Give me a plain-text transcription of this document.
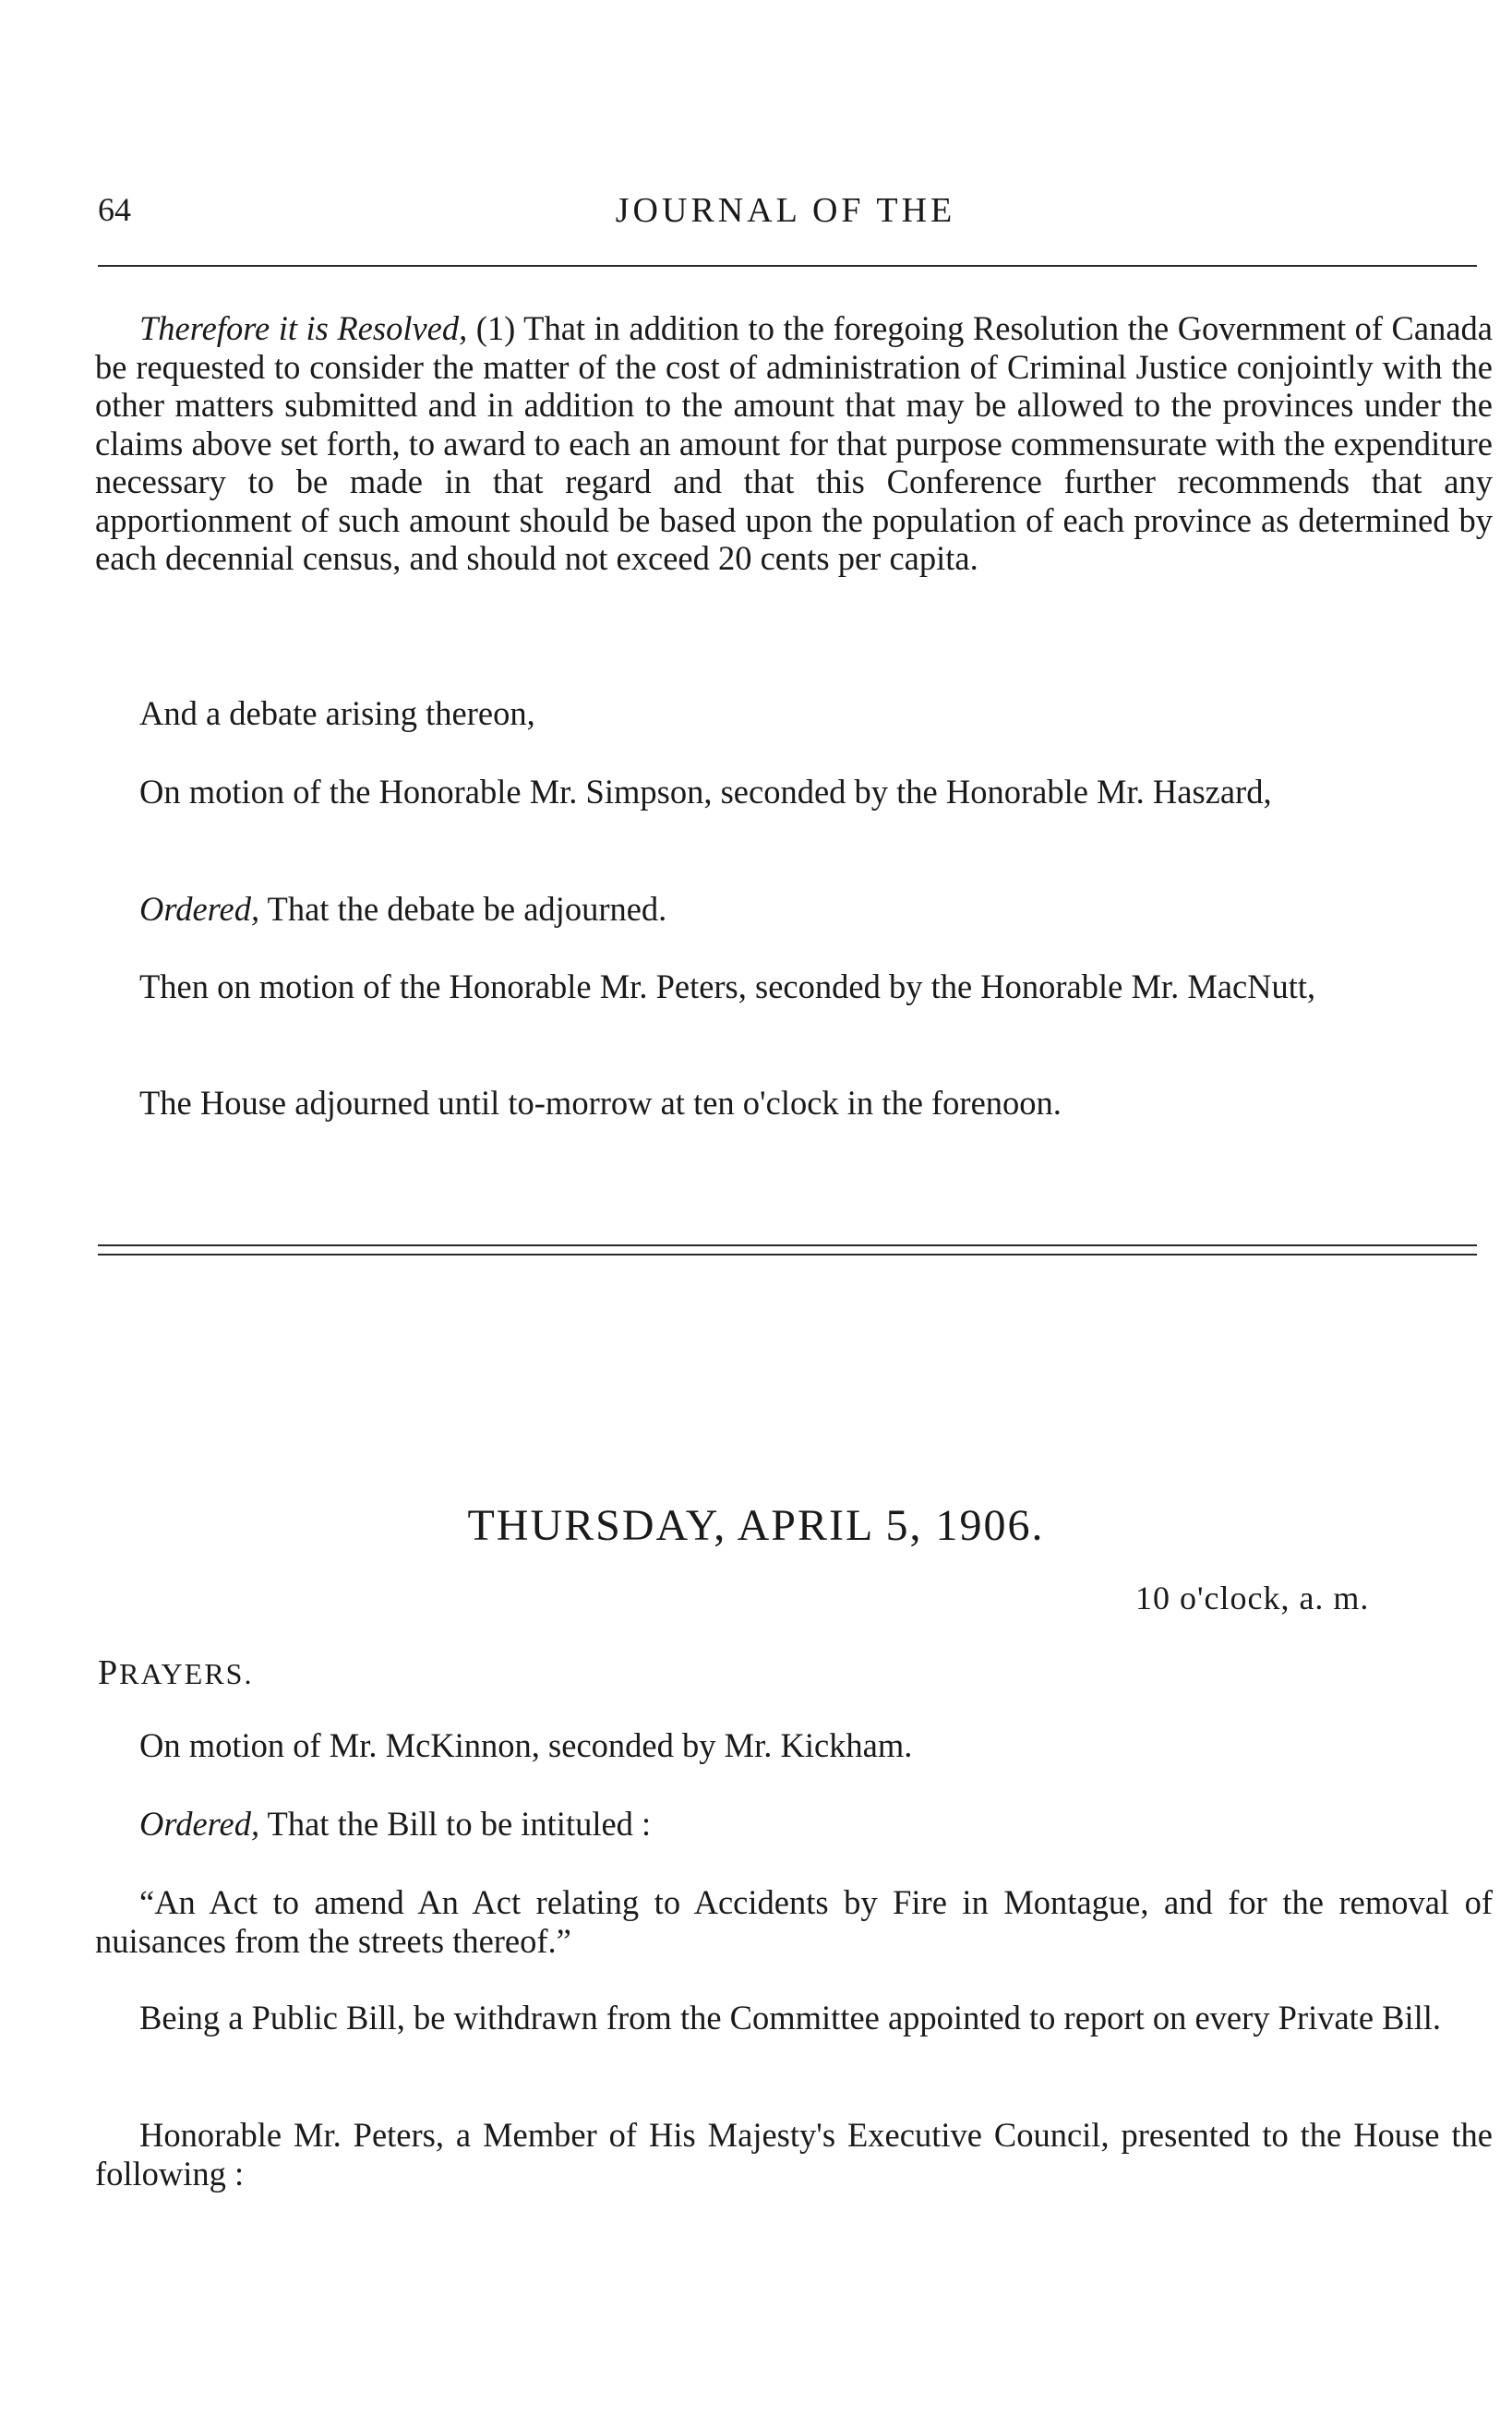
64	JOURNAL OF THE

Therefore it is Resolved, (1) That in addition to the foregoing Resolution the Government of Canada be requested to consider the matter of the cost of administration of Criminal Justice conjointly with the other matters submitted and in addition to the amount that may be allowed to the provinces under the claims above set forth, to award to each an amount for that purpose commensurate with the expenditure necessary to be made in that regard and that this Conference further recommends that any apportionment of such amount should be based upon the population of each province as determined by each decennial census, and should not exceed 20 cents per capita.

And a debate arising thereon,

On motion of the Honorable Mr. Simpson, seconded by the Honorable Mr. Haszard,

Ordered, That the debate be adjourned.

Then on motion of the Honorable Mr. Peters, seconded by the Honorable Mr. MacNutt,

The House adjourned until to-morrow at ten o'clock in the forenoon.

THURSDAY, APRIL 5, 1906.
10 o'clock, a. m.
PRAYERS.

On motion of Mr. McKinnon, seconded by Mr. Kickham.

Ordered, That the Bill to be intituled :

“An Act to amend An Act relating to Accidents by Fire in Montague, and for the removal of nuisances from the streets thereof.”

Being a Public Bill, be withdrawn from the Committee appointed to report on every Private Bill.

Honorable Mr. Peters, a Member of His Majesty's Executive Council, presented to the House the following :
